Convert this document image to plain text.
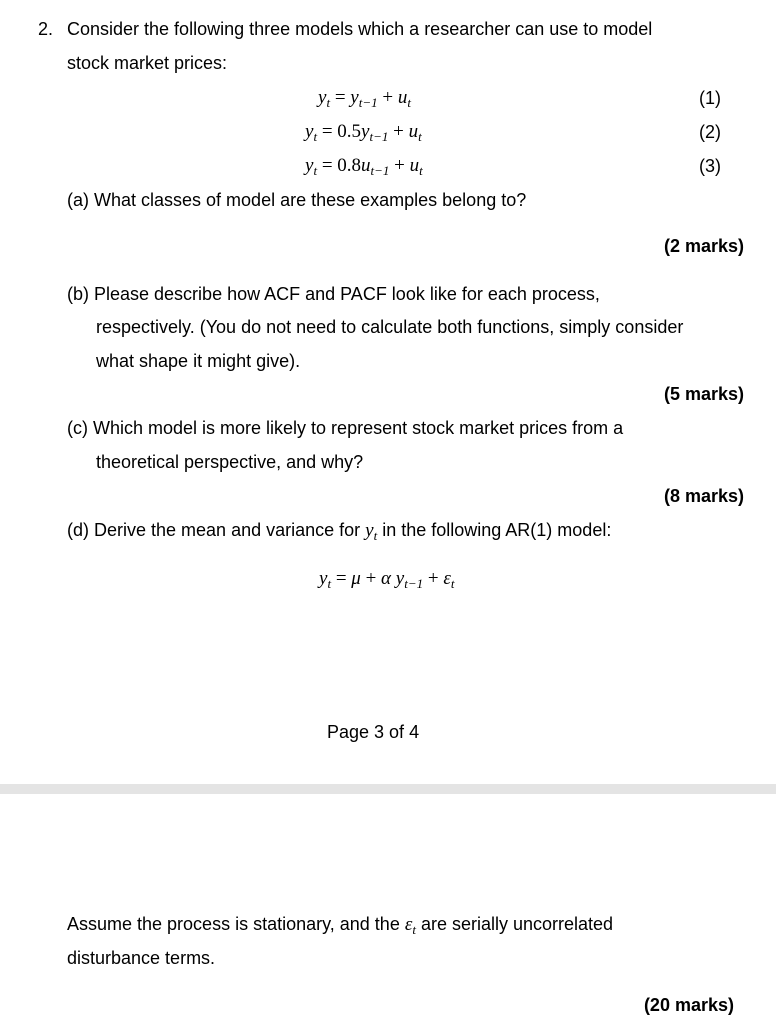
2. Consider the following three models which a researcher can use to model
stock market prices:
$y_t = y_{t-1} + u_t$	(1)
$y_t = 0.5y_{t-1} + u_t$	(2)
$y_t = 0.8u_{t-1} + u_t$	(3)
(a) What classes of model are these examples belong to?
(2 marks)
(b) Please describe how ACF and PACF look like for each process,
respectively. (You do not need to calculate both functions, simply consider
what shape it might give).
(5 marks)
(c) Which model is more likely to represent stock market prices from a
theoretical perspective, and why?
(8 marks)
(d) Derive the mean and variance for $y_t$ in the following AR(1) model:
$y_t = \mu + \alpha$ $y_{t-1} + \varepsilon_t$
Page 3 of 4
Assume the process is stationary, and the $\varepsilon_t$ are serially uncorrelated
disturbance terms.
(20 marks)
